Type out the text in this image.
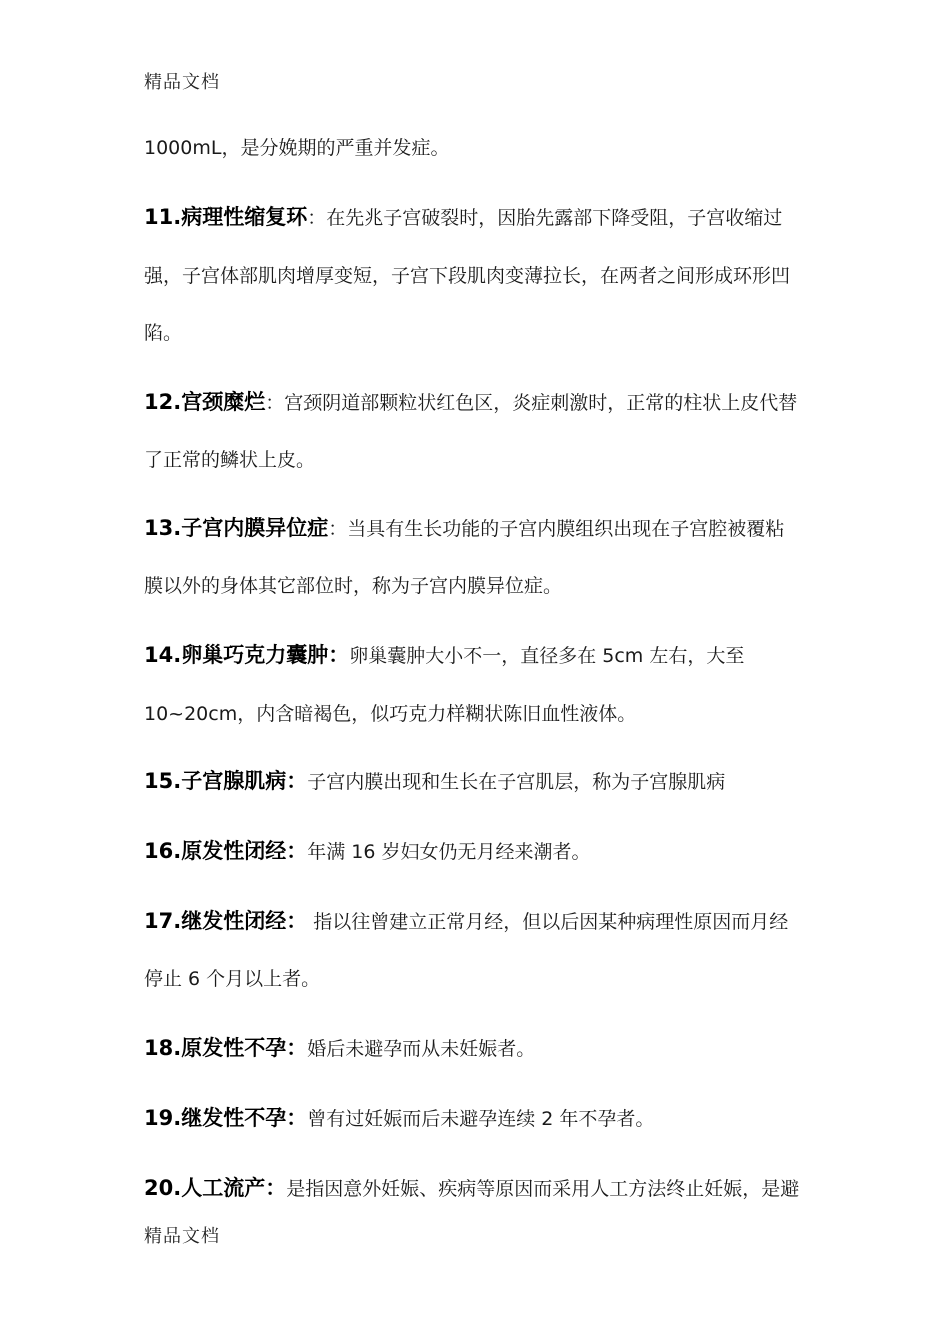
精品文档
1000mL，是分娩期的严重并发症。
11.病理性缩复环：在先兆子宫破裂时，因胎先露部下降受阻，子宫收缩过
强，子宫体部肌肉增厚变短，子宫下段肌肉变薄拉长，在两者之间形成环形凹
陷。
12.宫颈糜烂：宫颈阴道部颗粒状红色区，炎症刺激时，正常的柱状上皮代替
了正常的鳞状上皮。
13.子宫内膜异位症：当具有生长功能的子宫内膜组织出现在子宫腔被覆粘
膜以外的身体其它部位时，称为子宫内膜异位症。
14.卵巢巧克力囊肿：卵巢囊肿大小不一，直径多在 5cm 左右，大至
10~20cm，内含暗褐色，似巧克力样糊状陈旧血性液体。
15.子宫腺肌病：子宫内膜出现和生长在子宫肌层，称为子宫腺肌病
16.原发性闭经：年满 16 岁妇女仍无月经来潮者。
17.继发性闭经： 指以往曾建立正常月经，但以后因某种病理性原因而月经
停止 6 个月以上者。
18.原发性不孕：婚后未避孕而从未妊娠者。
19.继发性不孕：曾有过妊娠而后未避孕连续 2 年不孕者。
20.人工流产：是指因意外妊娠、疾病等原因而采用人工方法终止妊娠，是避
精品文档
